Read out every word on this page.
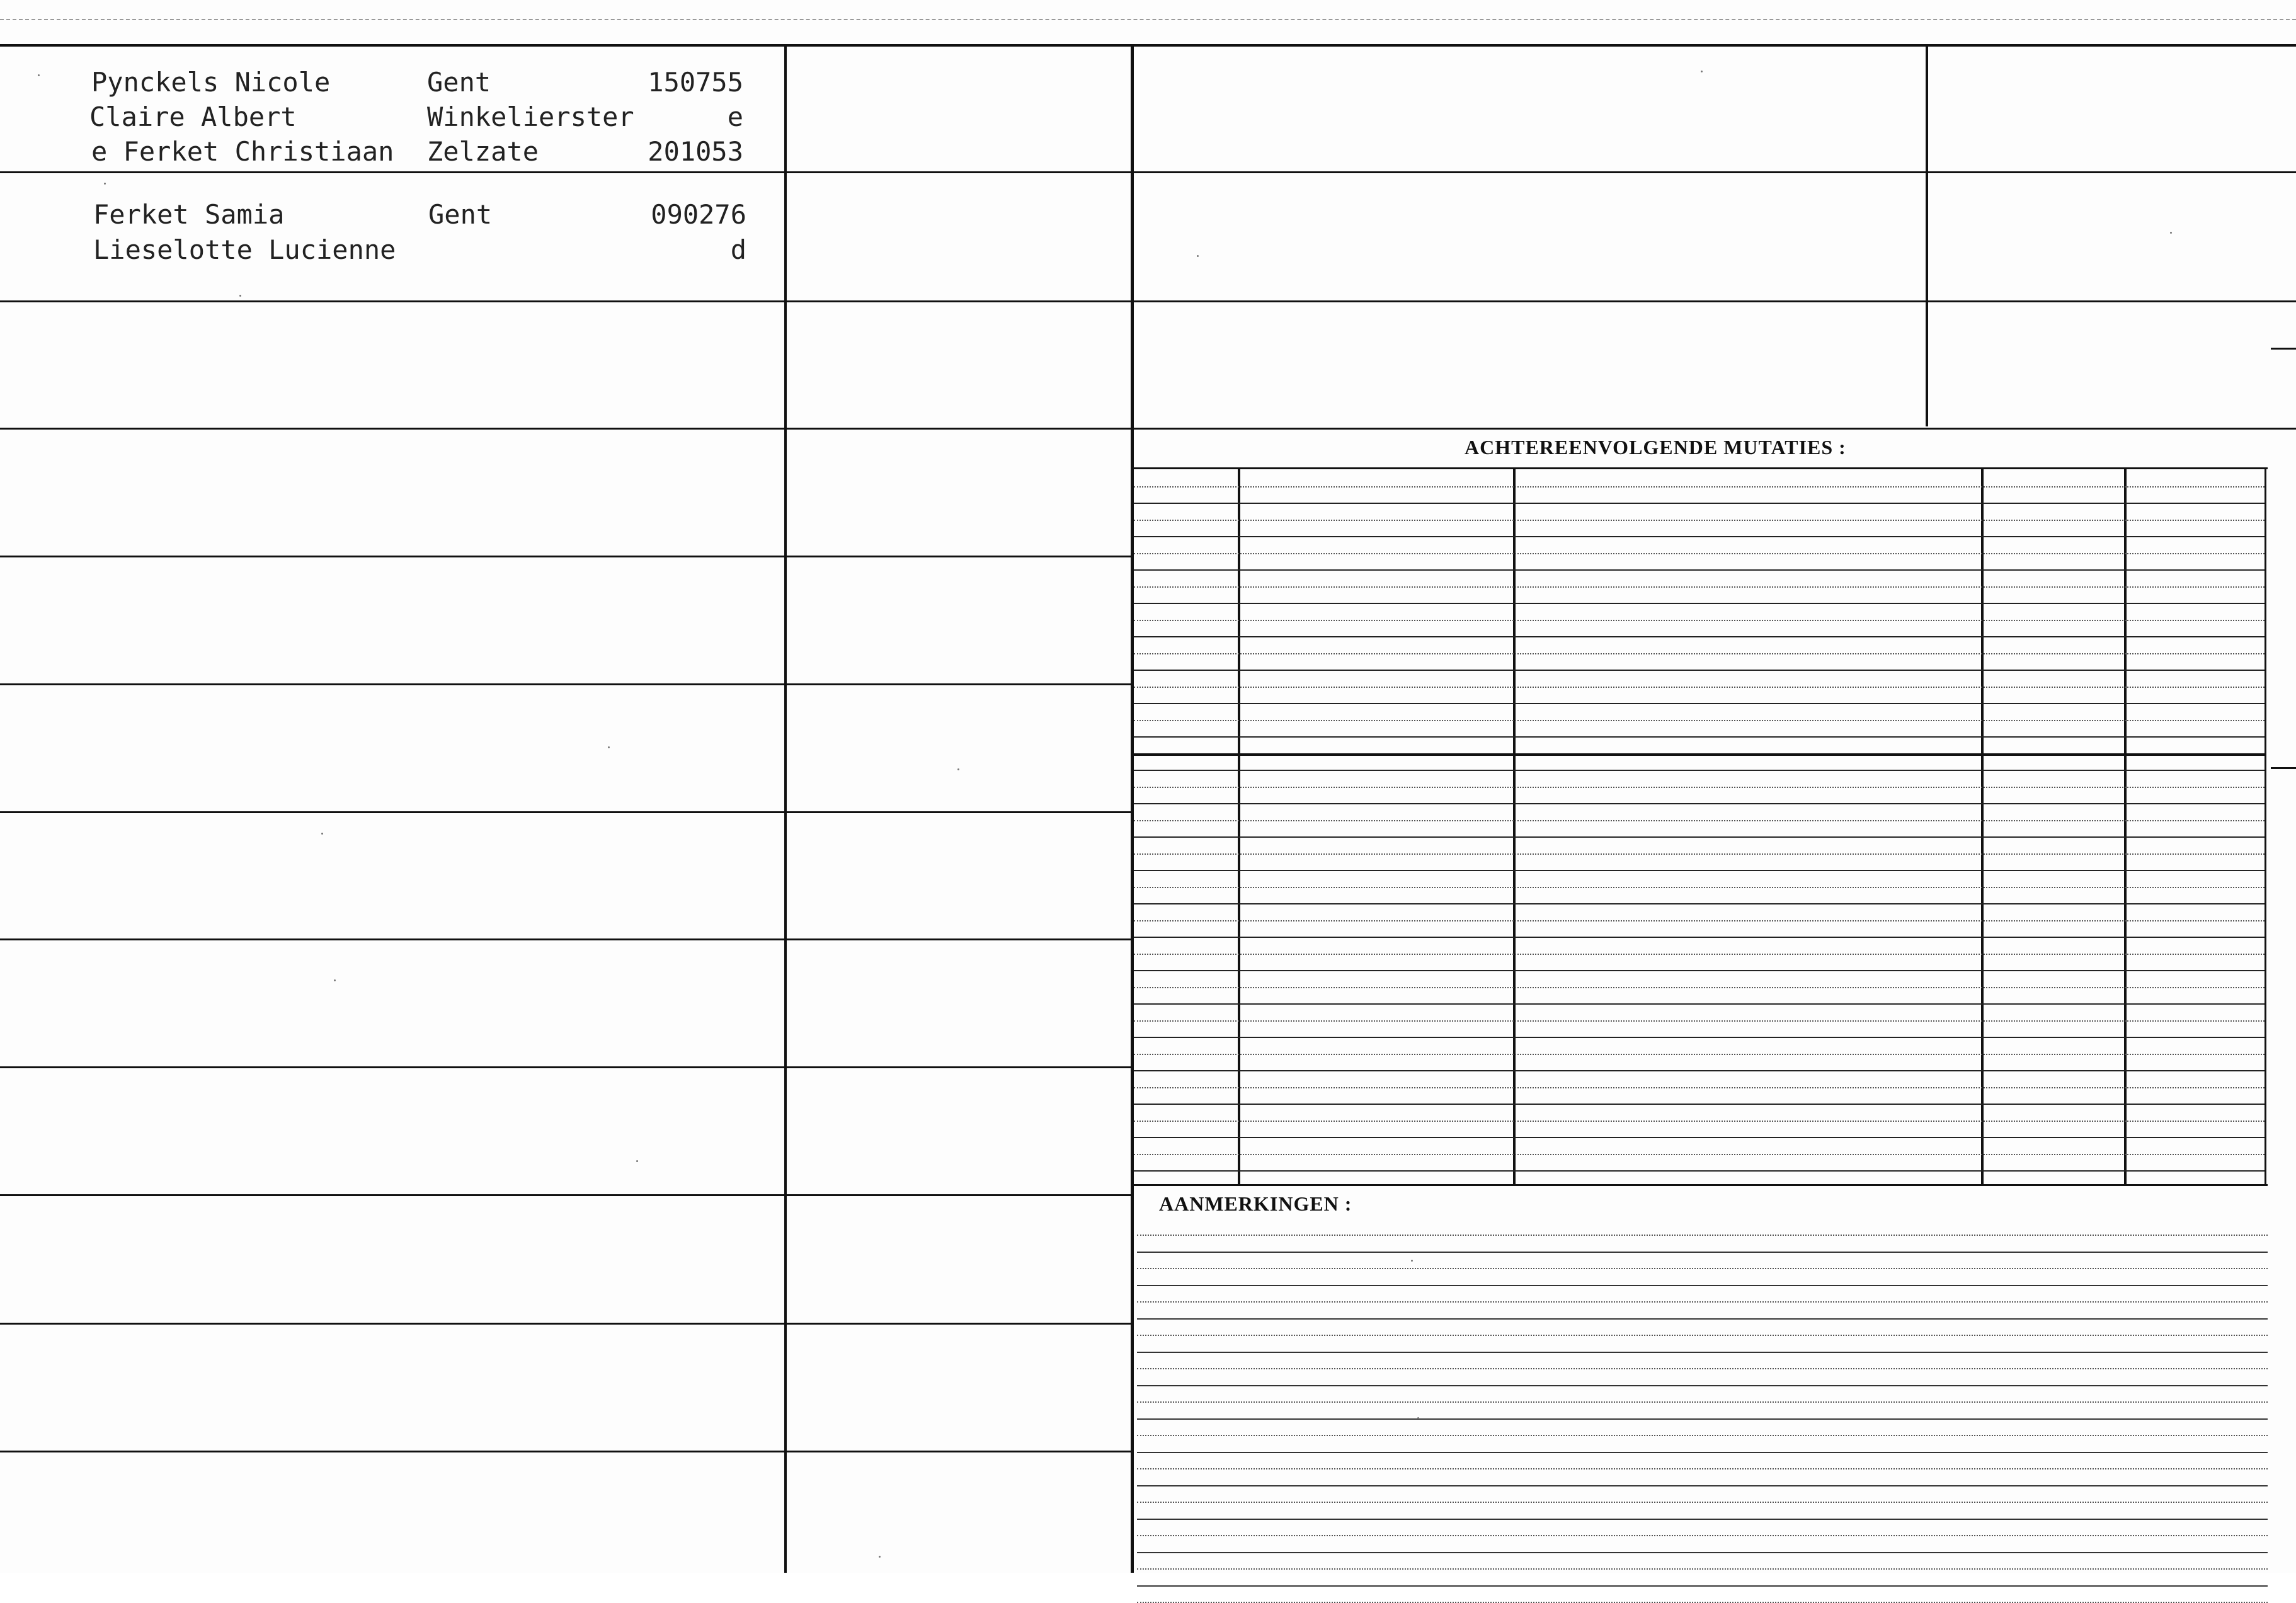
ACHTEREENVOLGENDE MUTATIES :
AANMERKINGEN :
Pynckels Nicole
Claire Albert
e Ferket Christiaan
Gent
Winkelierster
Zelzate
150755
e
201053
Ferket Samia
Lieselotte Lucienne
Gent	090276
d
